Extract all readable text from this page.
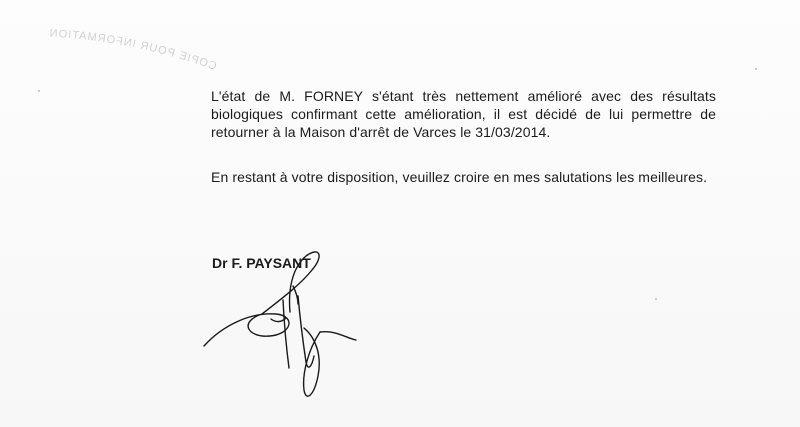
COPIE POUR INFORMATION
L'état de M. FORNEY s'étant très nettement amélioré avec des résultats biologiques confirmant cette amélioration, il est décidé de lui permettre de retourner à la Maison d'arrêt de Varces le 31/03/2014.
En restant à votre disposition, veuillez croire en mes salutations les meilleures.
Dr F. PAYSANT
